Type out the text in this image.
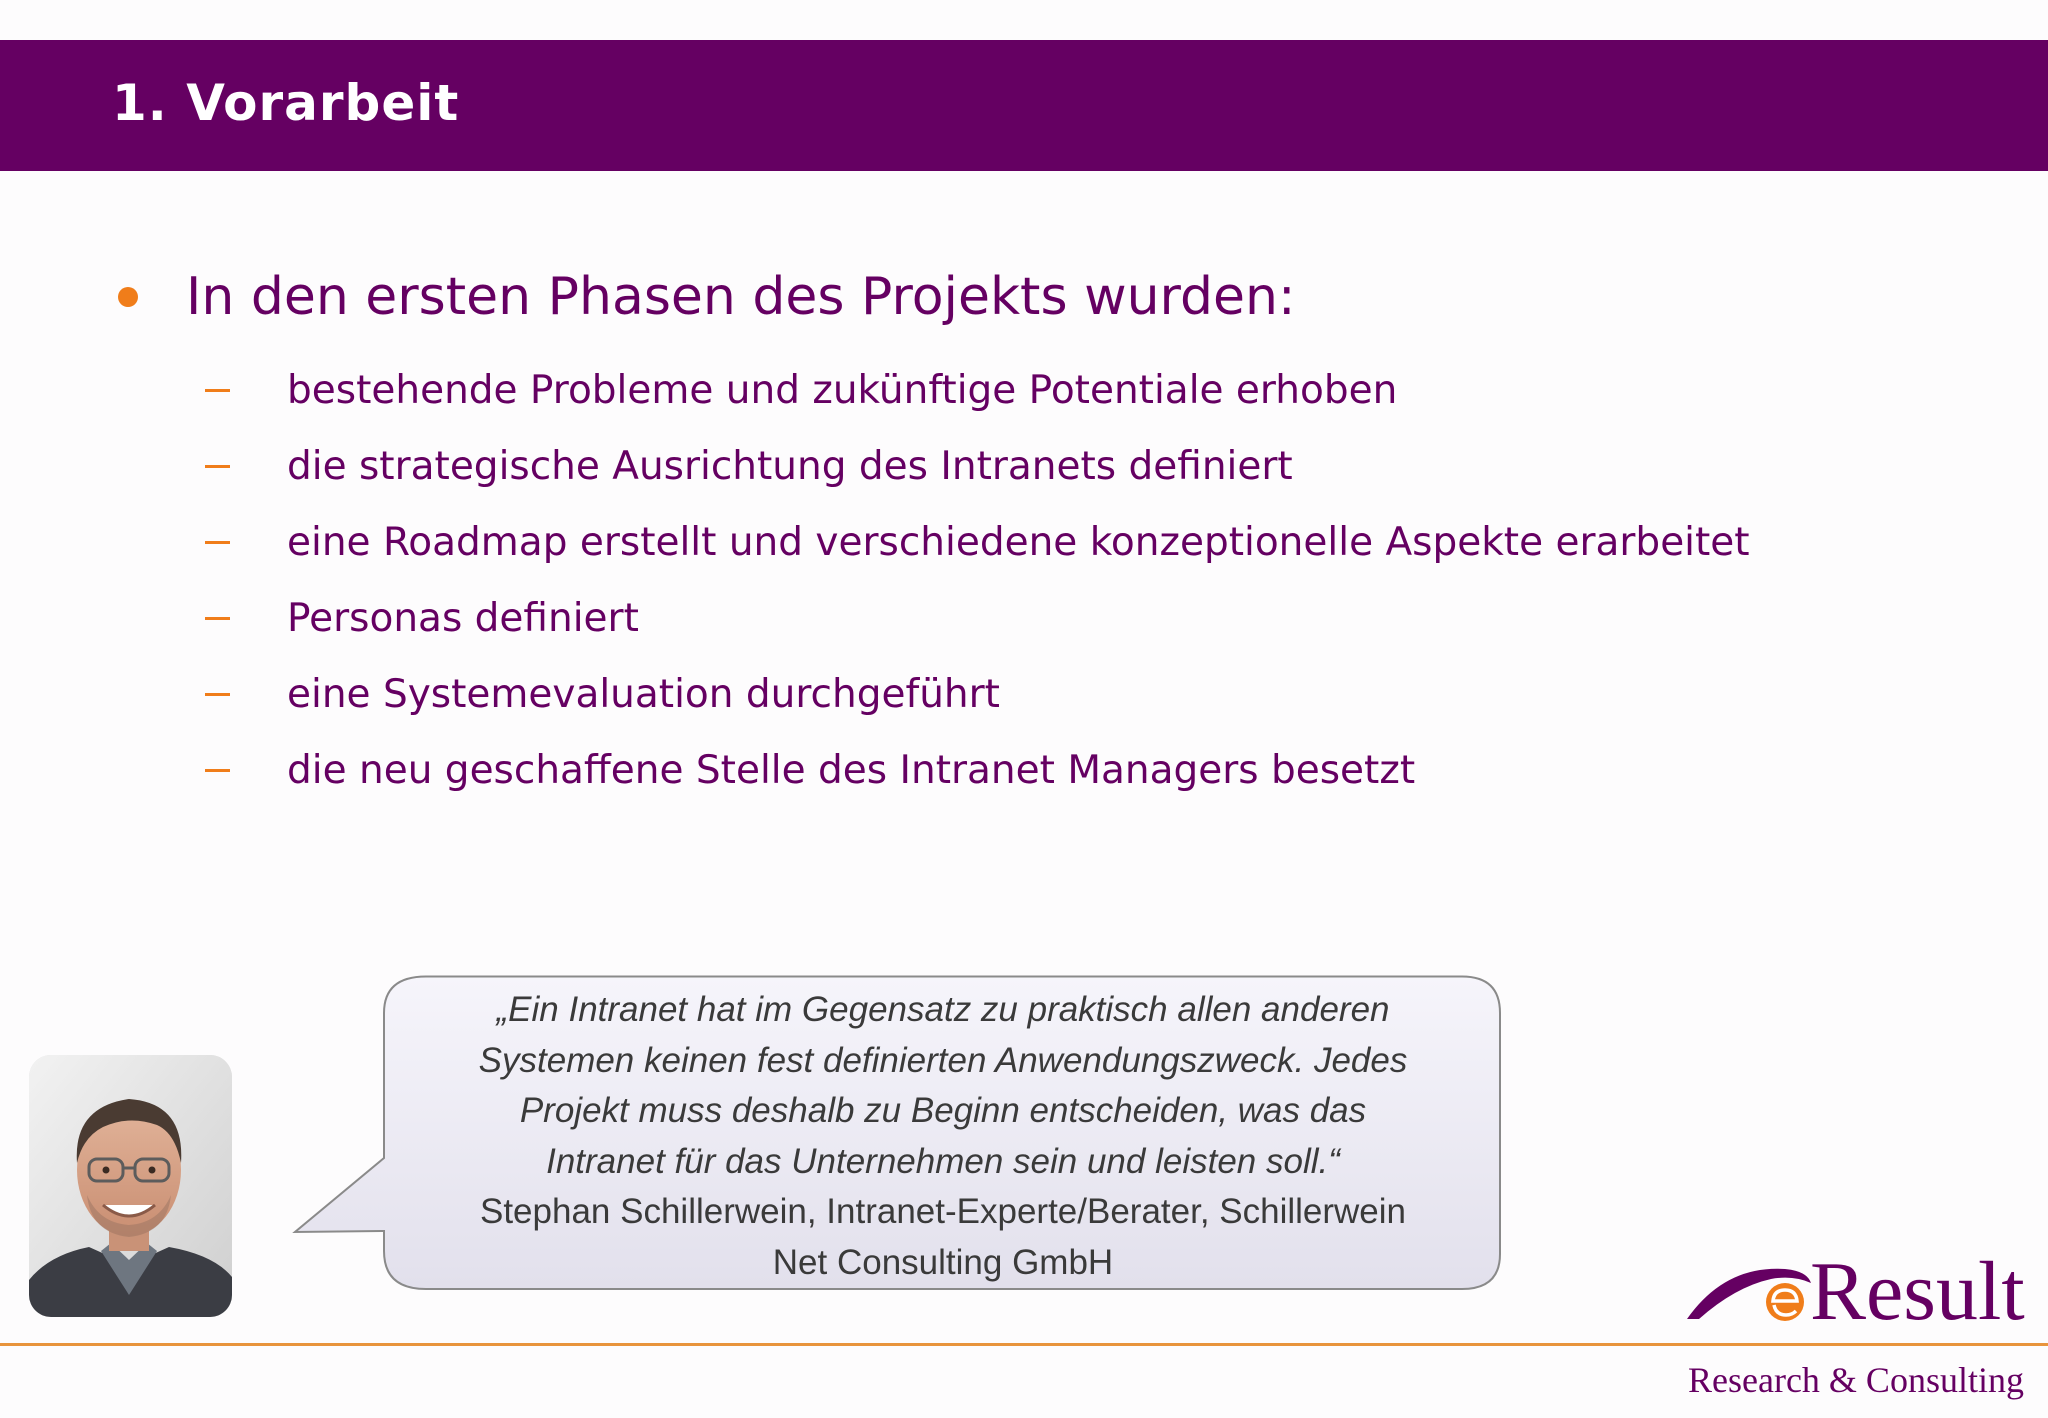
1. Vorarbeit
In den ersten Phasen des Projekts wurden:
bestehende Probleme und zukünftige Potentiale erhoben
die strategische Ausrichtung des Intranets definiert
eine Roadmap erstellt und verschiedene konzeptionelle Aspekte erarbeitet
Personas definiert
eine Systemevaluation durchgeführt
die neu geschaffene Stelle des Intranet Managers besetzt
„Ein Intranet hat im Gegensatz zu praktisch allen anderen
Systemen keinen fest definierten Anwendungszweck. Jedes
Projekt muss deshalb zu Beginn entscheiden, was das
Intranet für das Unternehmen sein und leisten soll.“
Stephan Schillerwein, Intranet-Experte/Berater, Schillerwein
Net Consulting GmbH	Result
Research & Consulting
